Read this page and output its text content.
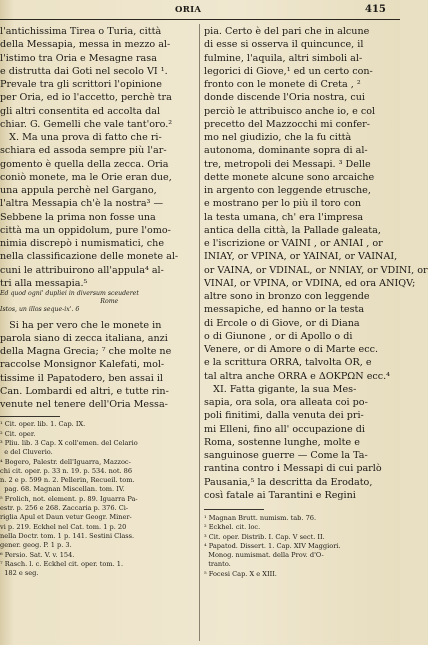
ORIA	415

l'antichissima Tirea o Turia, città
della Messapia, messa in mezzo al-
l'istimo tra Oria e Mesagne rasa
e distrutta dai Goti nel secolo VI ¹.
Prevale tra gli scrittori l'opinione
per Oria, ed io l'accetto, perchè tra
gli altri consentita ed accolta dal
chiar. G. Gemelli che vale tant'oro.²
X. Ma una prova di fatto che ri-
schiara ed assoda sempre più l'ar-
gomento è quella della zecca. Oria
coniò monete, ma le Orie eran due,
una appula perchè nel Gargano,
l'altra Messapia ch'è la nostra³ —
Sebbene la prima non fosse una
città ma un oppidolum, pure l'omo-
nimia discrepò i numismatici, che
nella classificazione delle monete al-
cuni le attribuirono all'appula⁴ al-
tri alla messapia.⁵

Ed quod ogni' dupliei in diversum sceuderet
Rome
Istos, un illos seque-ix'. 6

Si ha per vero che le monete in
parola siano di zecca italiana, anzi
della Magna Grecia; ⁷ che molte ne
raccolse Monsignor Kalefati, mol-
tissime il Papatodero, ben assai il
Can. Lombardi ed altri, e tutte rin-
venute nel tenere dell'Oria Messa-

¹ Cit. oper. lib. 1. Cap. IX.
² Cit. oper.
³ Pliu. lib. 3 Cap. X coll'emen. del Celario
e del Cluverio.
⁴ Bogero, Palestr. dell'Iguarra, Mazzoc-
chi cit. oper. p. 33 n. 19. p. 534. not. 86
n. 2 e p. 599 n. 2. Pellerin, Recueil. tom.
pag. 68. Magnan Miscellan. tom. IV.
⁵ Frolich, not. element. p. 89. Iguarra Pa-
estr. p. 256 e 268. Zaccaria p. 376. Ci-
riglia Apul et Daun vetur Geogr. Miner-
vi p. 219. Eckhel nel Cat. tom. 1 p. 20
nella Doctr. tom. 1 p. 141. Sestini Class.
gener. geog. P. 1 p. 3.
⁶ Persio. Sat. V. v. 154.
⁷ Rasch. l. c. Eckhel cit. oper. tom. 1.
182 e seg.

pia. Certo è del pari che in alcune
di esse si osserva il quincunce, il
fulmine, l'aquila, altri simboli al-
legorici di Giove,¹ ed un certo con-
fronto con le monete di Creta , ²
donde discende l'Oria nostra, cui
perciò le attribuisco anche io, e col
precetto del Mazzocchi mi confer-
mo nel giudizio, che la fu città
autonoma, dominante sopra di al-
tre, metropoli dei Messapi. ³ Delle
dette monete alcune sono arcaiche
in argento con leggende etrusche,
e mostrano per lo più il toro con
la testa umana, ch' era l'impresa
antica della città, la Pallade galeata,
e l'iscrizione or VAINI , or ANIAI , or
INIAY, or VPINA, or YAINAI, or VAINAI,
or VAINA, or VDINAL, or NNIAY, or VDINI, or
VINAI, or VPINA, or VDINA, ed ora ANIQV;
altre sono in bronzo con leggende
messapiche, ed hanno or la testa
di Ercole o di Giove, or di Diana
o di Giunone , or di Apollo o di
Venere, or di Amore o di Marte ecc.
e la scrittura ORRA, talvolta OR, e
tal altra anche ORRA e ΔΟΚΡΩΝ ecc.⁴
XI. Fatta gigante, la sua Mes-
sapia, ora sola, ora alleata coi po-
poli finitimi, dalla venuta dei pri-
mi Elleni, fino all' occupazione di
Roma, sostenne lunghe, molte e
sanguinose guerre — Come la Ta-
rantina contro i Messapi di cui parlò
Pausania,⁵ la descritta da Erodato,
così fatale ai Tarantini e Regini

¹ Magnan Brutt. numism. tab. 76.
² Eckhel. cit. loc.
³ Cit. oper. Distrib. I. Cap. V sect. II.
⁴ Papatod. Dissert. 1. Cap. XIV Maggiori.
Monog. numismat. della Prov. d'O-
tranto.
⁵ Focesi Cap. X e XIII.
